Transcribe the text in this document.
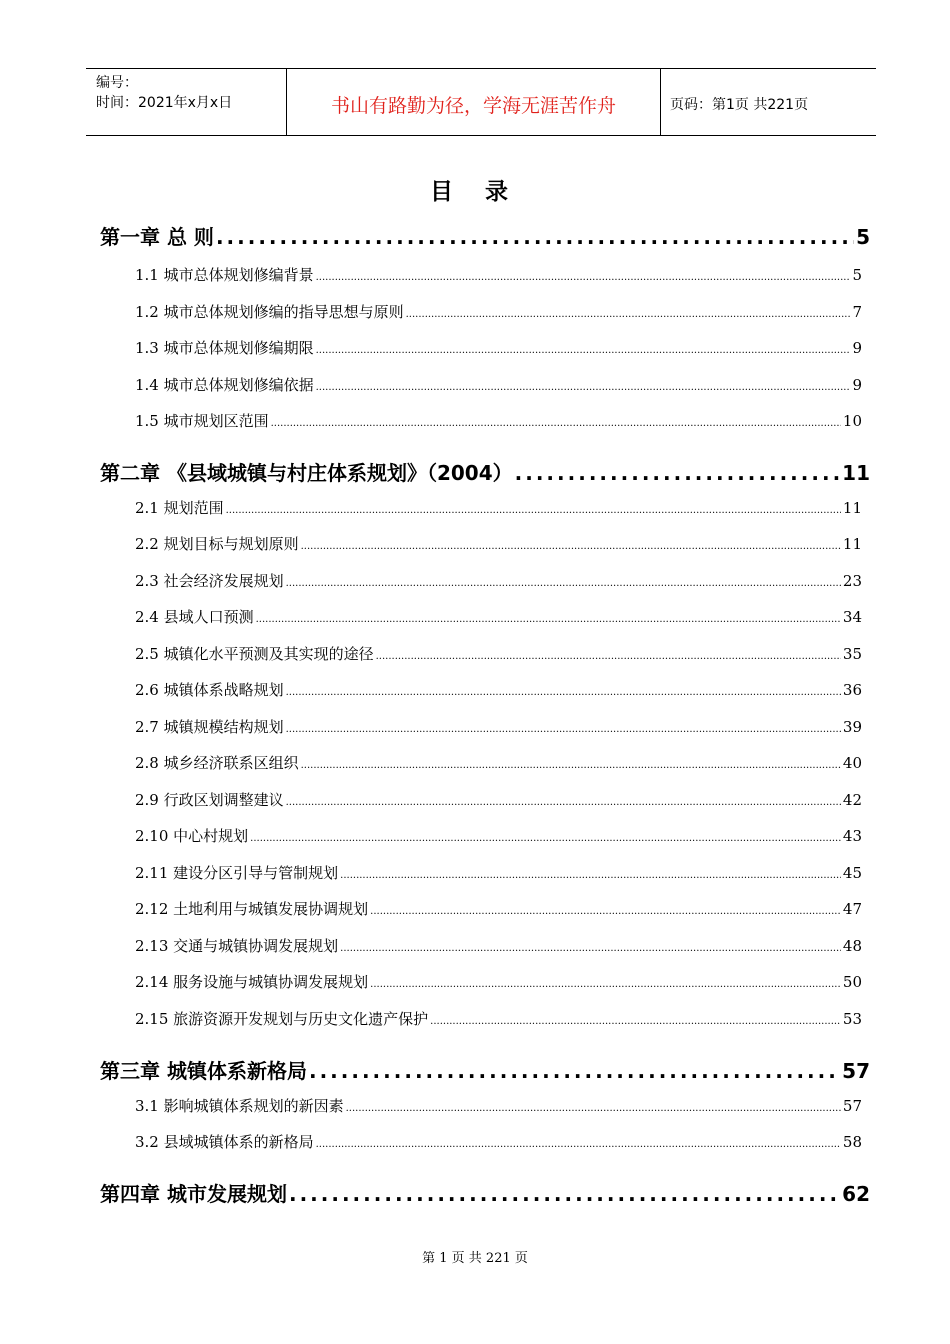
编号：
时间：2021年x月x日	书山有路勤为径，学海无涯苦作舟	页码：第1页 共221页
目 录
第一章 总 则 .....	5
1.1 城市总体规划修编背景 .....	5
1.2 城市总体规划修编的指导思想与原则 .....	7
1.3 城市总体规划修编期限 .....	9
1.4 城市总体规划修编依据 .....	9
1.5 城市规划区范围 .....	10
第二章 《县域城镇与村庄体系规划》（2004） .....	11
2.1 规划范围 .....	11
2.2 规划目标与规划原则 .....	11
2.3 社会经济发展规划 .....	23
2.4 县域人口预测 .....	34
2.5 城镇化水平预测及其实现的途径 .....	35
2.6 城镇体系战略规划 .....	36
2.7 城镇规模结构规划 .....	39
2.8 城乡经济联系区组织 .....	40
2.9 行政区划调整建议 .....	42
2.10 中心村规划 .....	43
2.11 建设分区引导与管制规划 .....	45
2.12 土地利用与城镇发展协调规划 .....	47
2.13 交通与城镇协调发展规划 .....	48
2.14 服务设施与城镇协调发展规划 .....	50
2.15 旅游资源开发规划与历史文化遗产保护 .....	53
第三章 城镇体系新格局 .....	57
3.1 影响城镇体系规划的新因素 .....	57
3.2 县域城镇体系的新格局 .....	58
第四章 城市发展规划 .....	62
第 1 页 共 221 页
